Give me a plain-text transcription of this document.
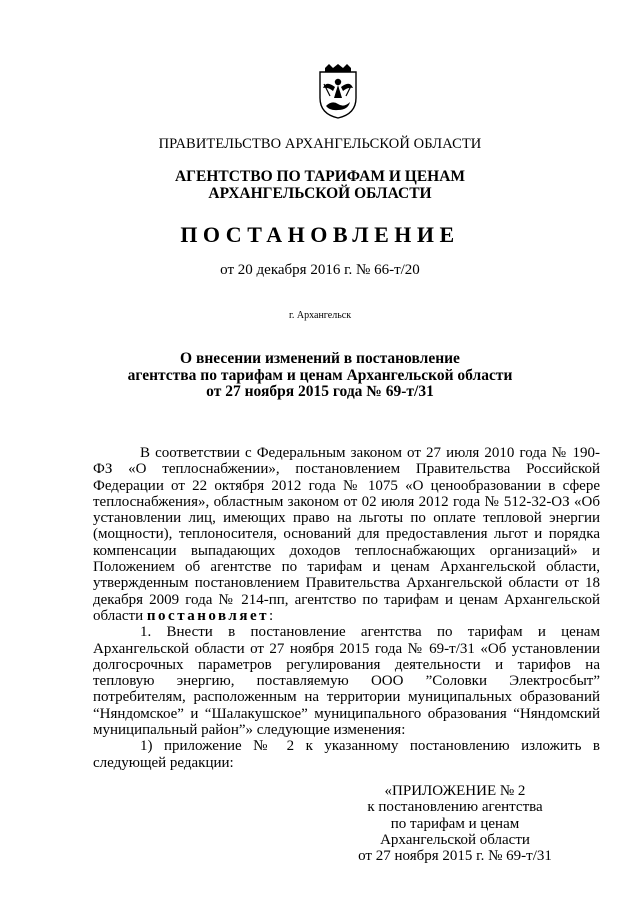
ПРАВИТЕЛЬСТВО АРХАНГЕЛЬСКОЙ ОБЛАСТИ
АГЕНТСТВО ПО ТАРИФАМ И ЦЕНАМ
АРХАНГЕЛЬСКОЙ ОБЛАСТИ
ПОСТАНОВЛЕНИЕ
от 20 декабря 2016 г. № 66-т/20
г. Архангельск
О внесении изменений в постановление
агентства по тарифам и ценам Архангельской области
от 27 ноября 2015 года № 69-т/31

В соответствии с Федеральным законом от 27 июля 2010 года № 190-ФЗ «О теплоснабжении», постановлением Правительства Российской Федерации от 22 октября 2012 года № 1075 «О ценообразовании в сфере теплоснабжения», областным законом от 02 июля 2012 года № 512-32-ОЗ «Об установлении лиц, имеющих право на льготы по оплате тепловой энергии (мощности), теплоносителя, оснований для предоставления льгот и порядка компенсации выпадающих доходов теплоснабжающих организаций» и Положением об агентстве по тарифам и ценам Архангельской области, утвержденным постановлением Правительства Архангельской области от 18 декабря 2009 года № 214-пп, агентство по тарифам и ценам Архангельской области постановляет:

1. Внести в постановление агентства по тарифам и ценам Архангельской области от 27 ноября 2015 года № 69-т/31 «Об установлении долгосрочных параметров регулирования деятельности и тарифов на тепловую энергию, поставляемую ООО ”Соловки Электросбыт” потребителям, расположенным на территории муниципальных образований “Няндомское” и “Шалакушское” муниципального образования “Няндомский муниципальный район”» следующие изменения:

1) приложение № 2 к указанному постановлению изложить в следующей редакции:

«ПРИЛОЖЕНИЕ № 2
к постановлению агентства
по тарифам и ценам
Архангельской области
от 27 ноября 2015 г. № 69-т/31
